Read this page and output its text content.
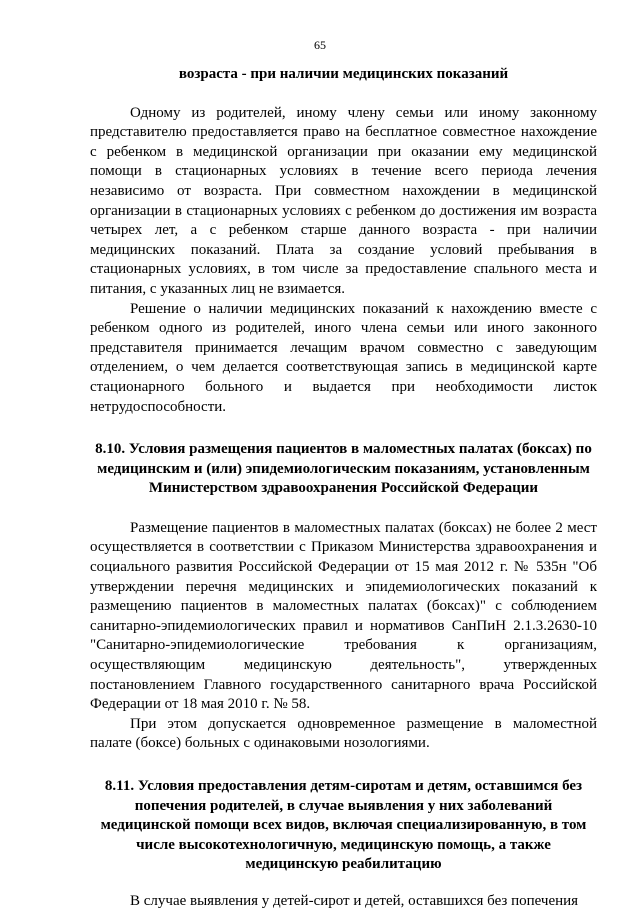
65

возраста - при наличии медицинских показаний

Одному из родителей, иному члену семьи или иному законному представителю предоставляется право на бесплатное совместное нахождение с ребенком в медицинской организации при оказании ему медицинской помощи в стационарных условиях в течение всего периода лечения независимо от возраста. При совместном нахождении в медицинской организации в стационарных условиях с ребенком до достижения им возраста четырех лет, а с ребенком старше данного возраста - при наличии медицинских показаний. Плата за создание условий пребывания в стационарных условиях, в том числе за предоставление спального места и питания, с указанных лиц не взимается.

Решение о наличии медицинских показаний к нахождению вместе с ребенком одного из родителей, иного члена семьи или иного законного представителя принимается лечащим врачом совместно с заведующим отделением, о чем делается соответствующая запись в медицинской карте стационарного больного и выдается при необходимости листок нетрудоспособности.

8.10. Условия размещения пациентов в маломестных палатах (боксах) по медицинским и (или) эпидемиологическим показаниям, установленным Министерством здравоохранения Российской Федерации

Размещение пациентов в маломестных палатах (боксах) не более 2 мест осуществляется в соответствии с Приказом Министерства здравоохранения и социального развития Российской Федерации от 15 мая 2012 г. № 535н "Об утверждении перечня медицинских и эпидемиологических показаний к размещению пациентов в маломестных палатах (боксах)" с соблюдением санитарно-эпидемиологических правил и нормативов СанПиН 2.1.3.2630-10 "Санитарно-эпидемиологические требования к организациям, осуществляющим медицинскую деятельность", утвержденных постановлением Главного государственного санитарного врача Российской Федерации от 18 мая 2010 г. № 58.

При этом допускается одновременное размещение в маломестной палате (боксе) больных с одинаковыми нозологиями.

8.11. Условия предоставления детям-сиротам и детям, оставшимся без попечения родителей, в случае выявления у них заболеваний медицинской помощи всех видов, включая специализированную, в том числе высокотехнологичную, медицинскую помощь, а также медицинскую реабилитацию

В случае выявления у детей-сирот и детей, оставшихся без попечения
